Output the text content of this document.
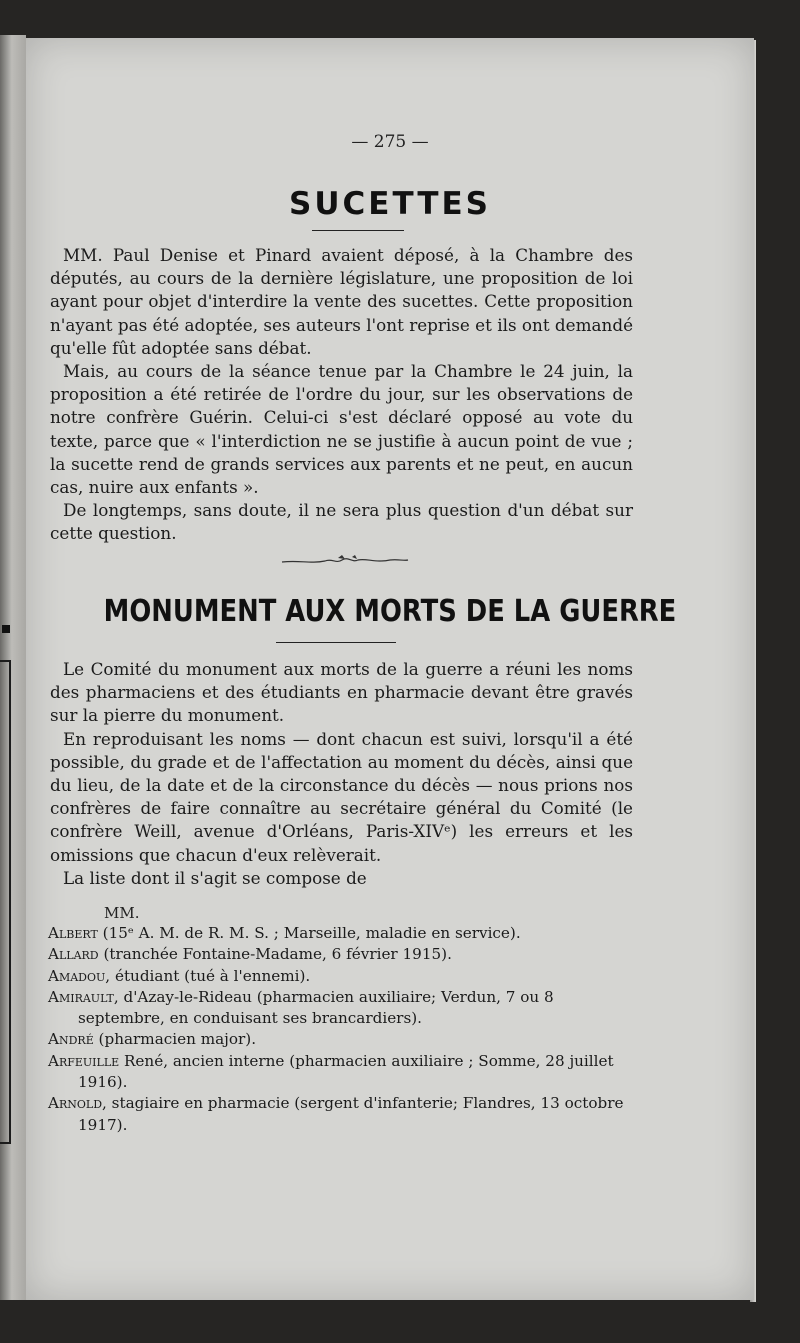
— 275 —
SUCETTES

MM. Paul Denise et Pinard avaient déposé, à la Chambre des députés, au cours de la dernière législature, une proposition de loi ayant pour objet d'interdire la vente des sucettes. Cette proposition n'ayant pas été adoptée, ses auteurs l'ont reprise et ils ont demandé qu'elle fût adoptée sans débat.

Mais, au cours de la séance tenue par la Chambre le 24 juin, la proposition a été retirée de l'ordre du jour, sur les observations de notre confrère Guérin. Celui-ci s'est déclaré opposé au vote du texte, parce que « l'interdiction ne se justifie à aucun point de vue ; la sucette rend de grands services aux parents et ne peut, en aucun cas, nuire aux enfants ».

De longtemps, sans doute, il ne sera plus question d'un débat sur cette question.

MONUMENT AUX MORTS DE LA GUERRE

Le Comité du monument aux morts de la guerre a réuni les noms des pharmaciens et des étudiants en pharmacie devant être gravés sur la pierre du monument.

En reproduisant les noms — dont chacun est suivi, lorsqu'il a été possible, du grade et de l'affectation au moment du décès, ainsi que du lieu, de la date et de la circonstance du décès — nous prions nos confrères de faire connaître au secrétaire général du Comité (le confrère Weill, avenue d'Orléans, Paris-XIVᵉ) les erreurs et les omissions que chacun d'eux relèverait.

La liste dont il s'agit se compose de

MM.
Albert (15ᵉ A. M. de R. M. S. ; Marseille, maladie en service).
Allard (tranchée Fontaine-Madame, 6 février 1915).
Amadou, étudiant (tué à l'ennemi).
Amirault, d'Azay-le-Rideau (pharmacien auxiliaire; Verdun, 7 ou 8 septembre, en conduisant ses brancardiers).
André (pharmacien major).
Arfeuille René, ancien interne (pharmacien auxiliaire ; Somme, 28 juillet 1916).
Arnold, stagiaire en pharmacie (sergent d'infanterie; Flandres, 13 octobre 1917).
